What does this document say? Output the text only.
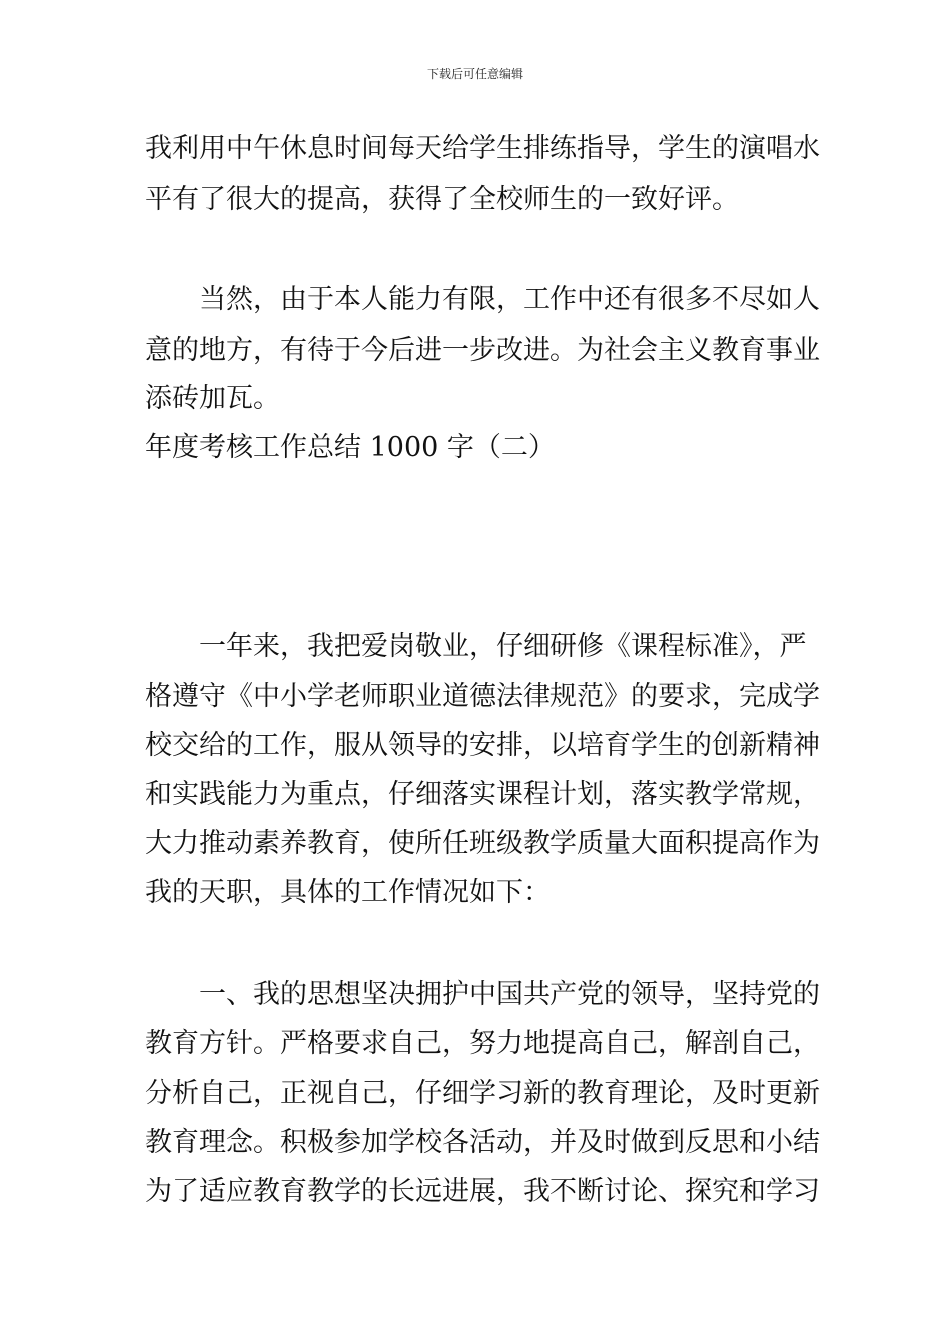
下载后可任意编辑
我利用中午休息时间每天给学生排练指导，学生的演唱水
平有了很大的提高，获得了全校师生的一致好评。
当然，由于本人能力有限，工作中还有很多不尽如人
意的地方，有待于今后进一步改进。为社会主义教育事业
添砖加瓦。
年度考核工作总结 1000 字（二）
一年来，我把爱岗敬业，仔细研修《课程标准》，严
格遵守《中小学老师职业道德法律规范》的要求，完成学
校交给的工作，服从领导的安排，以培育学生的创新精神
和实践能力为重点，仔细落实课程计划，落实教学常规，
大力推动素养教育，使所任班级教学质量大面积提高作为
我的天职，具体的工作情况如下：
一、我的思想坚决拥护中国共产党的领导，坚持党的
教育方针。严格要求自己，努力地提高自己，解剖自己，
分析自己，正视自己，仔细学习新的教育理论，及时更新
教育理念。积极参加学校各活动，并及时做到反思和小结
为了适应教育教学的长远进展，我不断讨论、探究和学习
